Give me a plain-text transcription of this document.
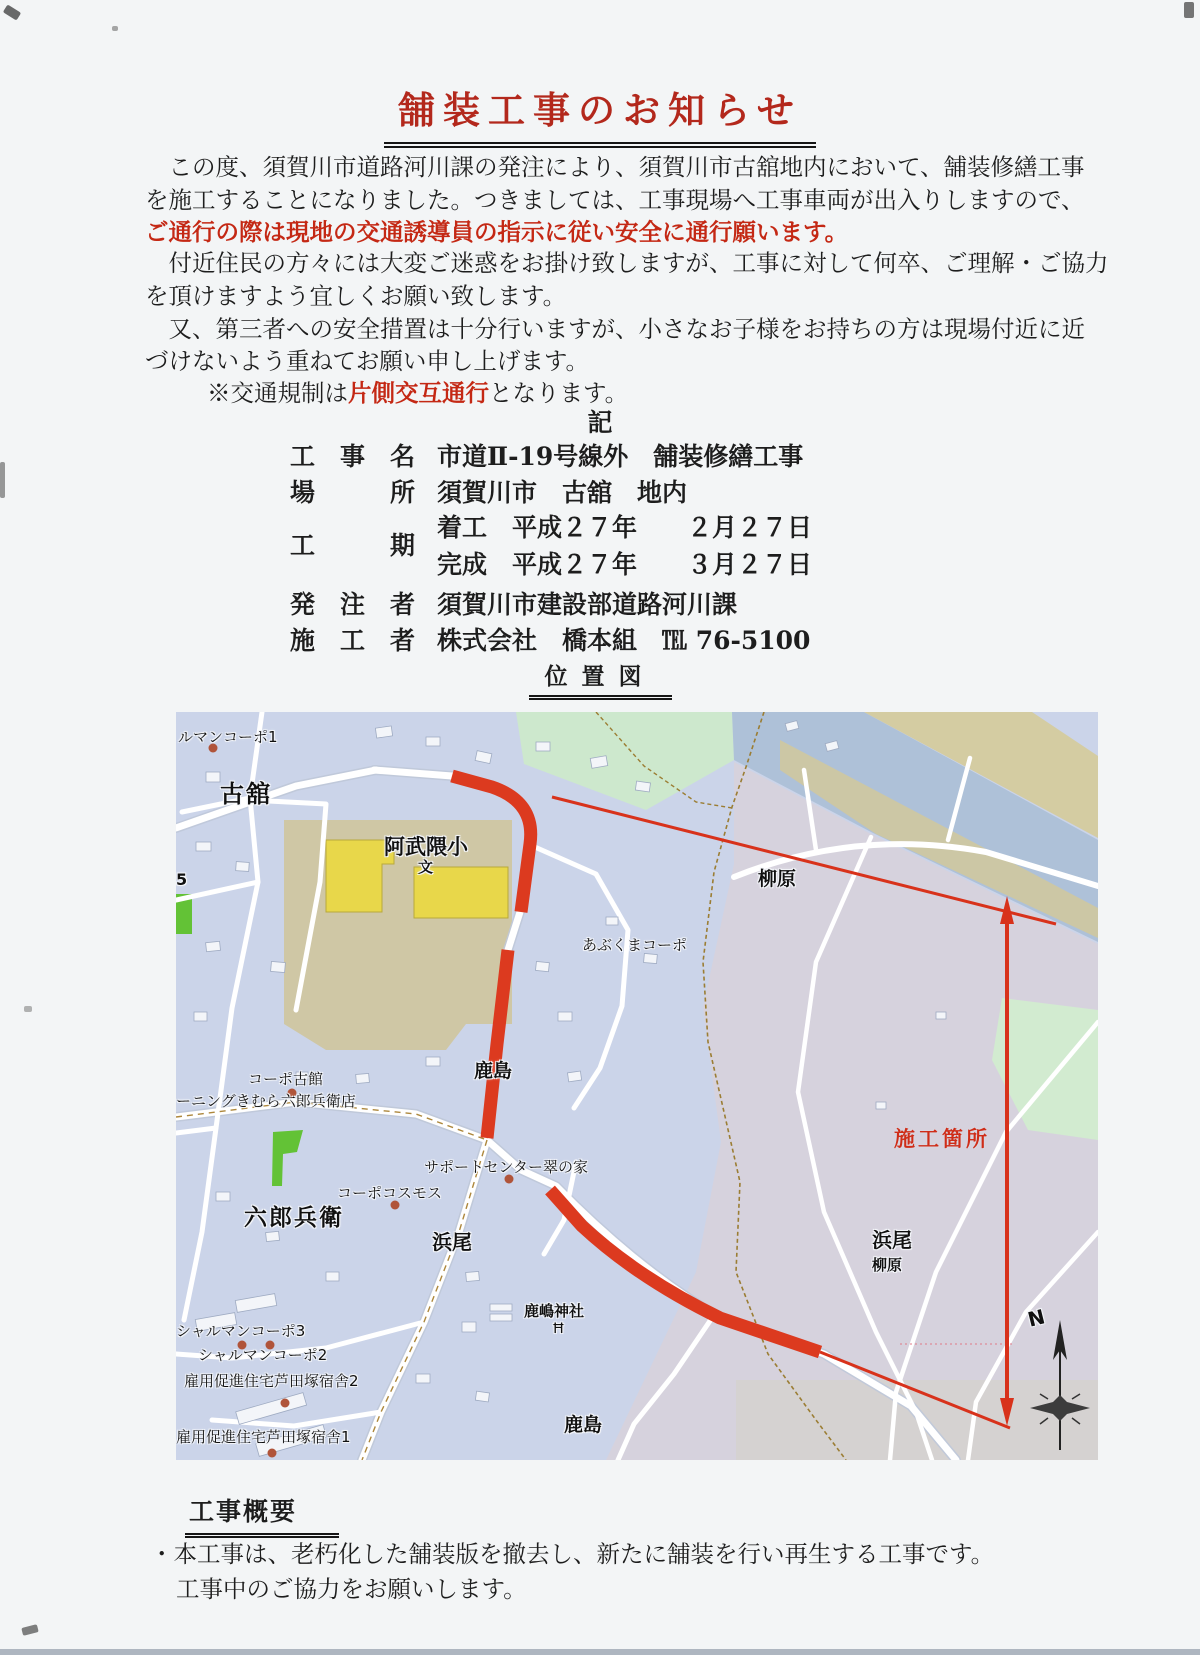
舗装工事のお知らせ
　この度、須賀川市道路河川課の発注により、須賀川市古舘地内において、舗装修繕工事
を施工することになりました。つきましては、工事現場へ工事車両が出入りしますので、
ご通行の際は現地の交通誘導員の指示に従い安全に通行願います。
　付近住民の方々には大変ご迷惑をお掛け致しますが、工事に対して何卒、ご理解・ご協力
を頂けますよう宜しくお願い致します。
　又、第三者への安全措置は十分行いますが、小さなお子様をお持ちの方は現場付近に近
づけないよう重ねてお願い申し上げます。
※交通規制は片側交互通行となります。
記
工　事　名 市道Ⅱ-19号線外　舗装修繕工事
場　　　所 須賀川市　古舘　地内
工　　　期
着工　平成２７年　　２月２７日
完成　平成２７年　　３月２７日
発　注　者 須賀川市建設部道路河川課
施　工　者 株式会社　橋本組　℡ 76-5100
位置図
ルマンコーポ1
古舘
阿武隈小
文
5	柳原
あぶくまコーポ
鹿島
コーポ古館
ーニングきむら六郎兵衛店
サポートセンター翠の家
コーポコスモス
六郎兵衛
浜尾
施工箇所
浜尾
柳原
鹿嶋神社
Ħ
シャルマンコーポ3
シャルマンコーポ2
雇用促進住宅芦田塚宿舎2
雇用促進住宅芦田塚宿舎1
鹿島
N
工事概要
・本工事は、老朽化した舗装版を撤去し、新たに舗装を行い再生する工事です。
工事中のご協力をお願いします。
